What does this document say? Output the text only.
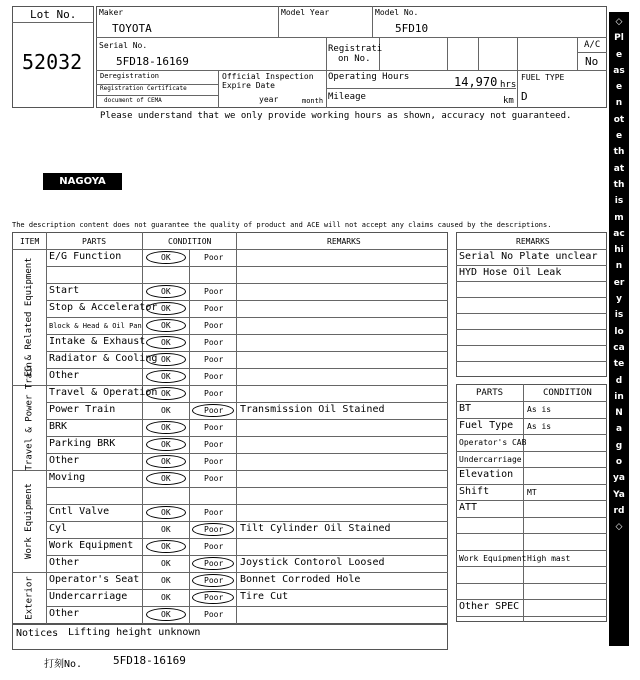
Lot No.
52032
Maker
TOYOTA
Model Year	Model No.
5FD10
Serial No.
5FD18-16169
Registrati
on No.
A/C
No
Deregistration
Registration Certificate
document of CEMA
Official Inspection
Expire Date
year	month
Operating Hours	14,970 hrs
Mileage	km
FUEL TYPE
D
Please understand that we only provide working hours as shown, accuracy not guaranteed.
NAGOYA
The description content does not guarantee the quality of product and ACE will not accept any claims caused by the descriptions.
ITEM	PARTS	CONDITION	REMARKS
EG & Related Equipment
Travel & Power Train
Work Equipment
Exterior
E/G Function	OK	Poor
Start	OK	Poor
Stop & Accelerator OK	Poor
Block & Head & Oil Pan OK	Poor
Intake & Exhaust OK	Poor
Radiator & Cooling OK	Poor
Other	OK	Poor
Travel & Operation OK	Poor
Power Train	OK	Poor Transmission Oil Stained
BRK	OK	Poor
Parking BRK	OK	Poor
Other	OK	Poor
Moving	OK	Poor
Cntl Valve	OK	Poor
Cyl	OK	Poor Tilt Cylinder Oil Stained
Work Equipment	OK	Poor
Other	OK	Poor Joystick Contorol Loosed
Operator's Seat	OK	Poor Bonnet Corroded Hole
Undercarriage	OK	Poor Tire Cut
Other	OK	Poor
Notices Lifting height unknown
打刻No.	5FD18-16169
REMARKS
Serial No Plate unclear
HYD Hose Oil Leak
PARTS	CONDITION
BT	As is
Fuel Type As is
Operator's CAB
Undercarriage
Elevation
Shift	MT
ATT
Work Equipment High mast
Other SPEC
◇Please note that this machinery is located in Nagoya Yard◇
